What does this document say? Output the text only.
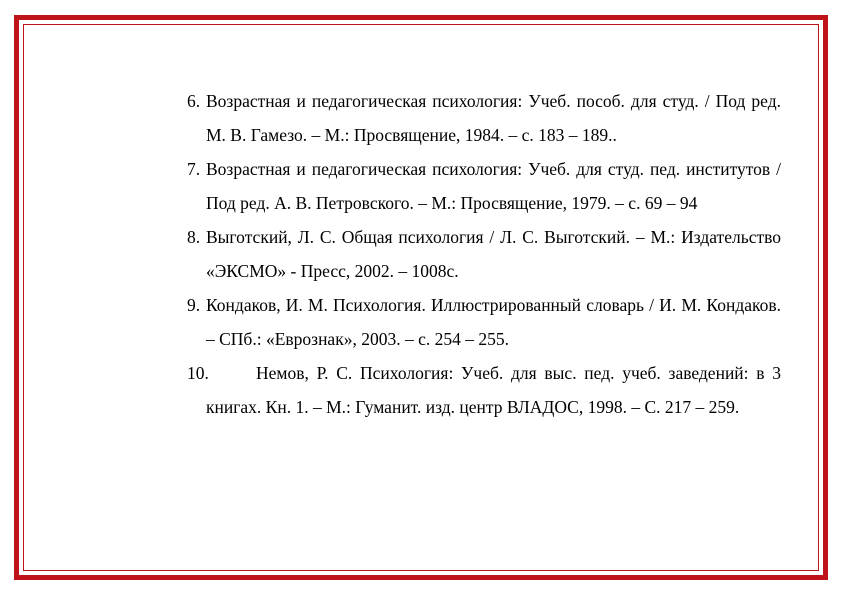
6. Возрастная и педагогическая психология: Учеб. пособ. для студ. / Под ред. М. В. Гамезо. – М.: Просвящение, 1984. – с. 183 – 189..
7. Возрастная и педагогическая психология: Учеб. для студ. пед. институтов / Под ред. А. В. Петровского. – М.: Просвящение, 1979. – с. 69 – 94
8. Выготский, Л. С. Общая психология / Л. С. Выготский. – М.: Издательство «ЭКСМО» - Пресс, 2002. – 1008с.
9. Кондаков, И. М. Психология. Иллюстрированный словарь / И. М. Кондаков. – СПб.: «Еврознак», 2003. – с. 254 – 255.
10.	Немов, Р. С. Психология: Учеб. для выс. пед. учеб. заведений: в 3 книгах. Кн. 1. – М.: Гуманит. изд. центр ВЛАДОС, 1998. – С. 217 – 259.
